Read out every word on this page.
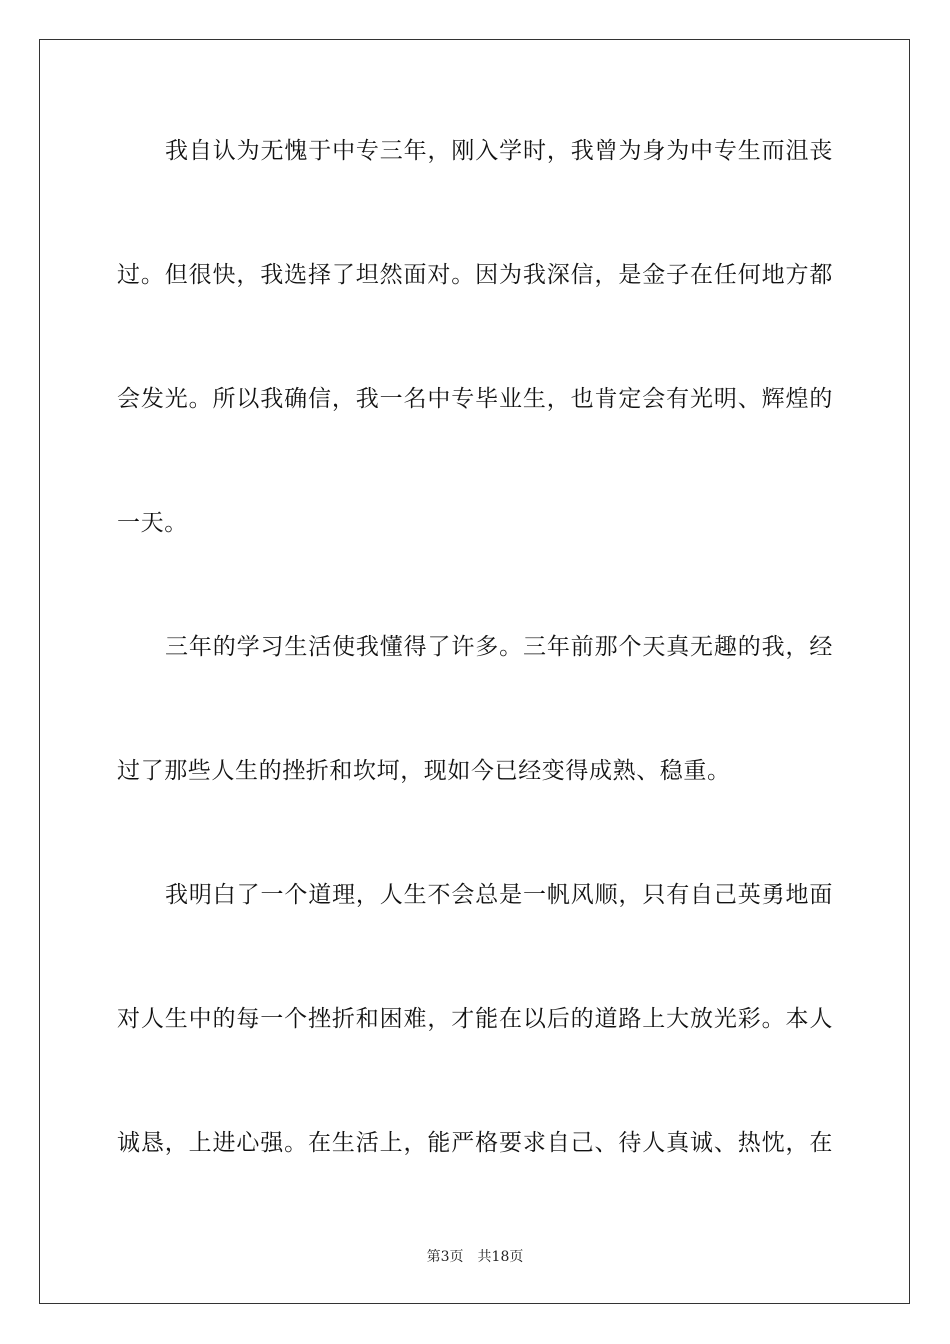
我自认为无愧于中专三年，刚入学时，我曾为身为中专生而沮丧
过。但很快，我选择了坦然面对。因为我深信，是金子在任何地方都
会发光。所以我确信，我一名中专毕业生，也肯定会有光明、辉煌的
一天。
三年的学习生活使我懂得了许多。三年前那个天真无趣的我，经
过了那些人生的挫折和坎坷，现如今已经变得成熟、稳重。
我明白了一个道理，人生不会总是一帆风顺，只有自己英勇地面
对人生中的每一个挫折和困难，才能在以后的道路上大放光彩。本人
诚恳，上进心强。在生活上，能严格要求自己、待人真诚、热忱，在
第3页 共18页
